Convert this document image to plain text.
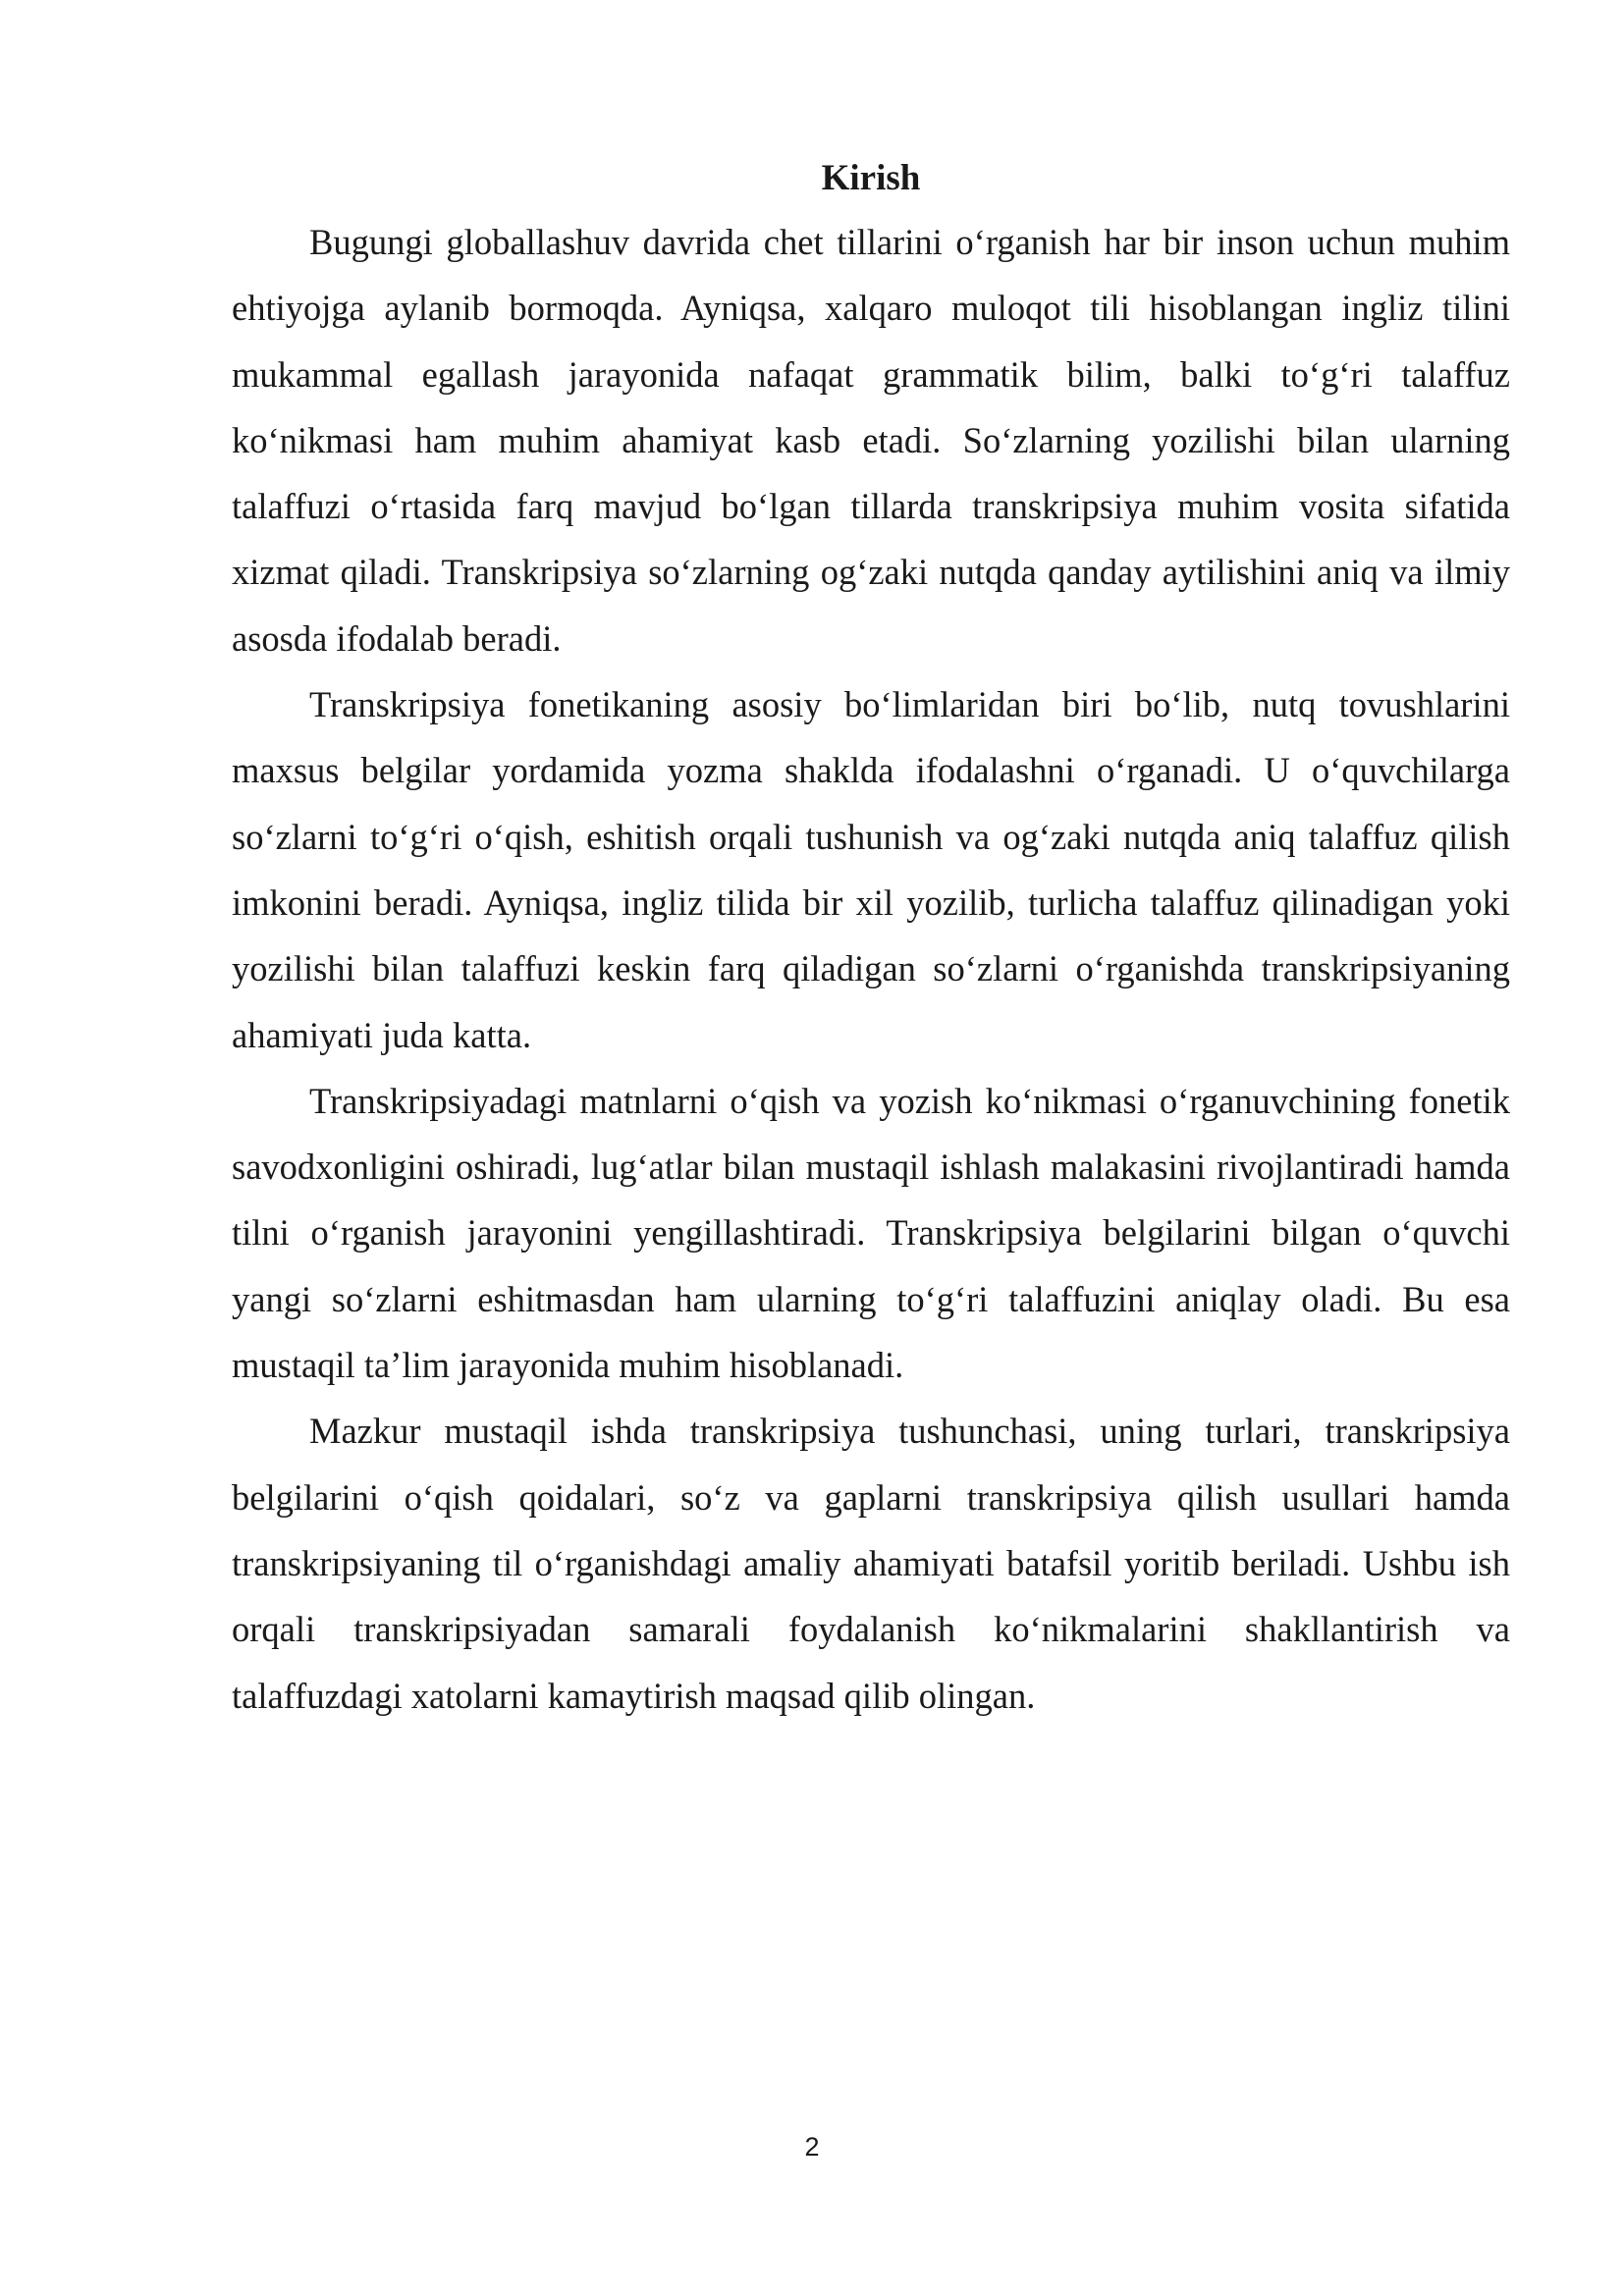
Kirish

Bugungi globallashuv davrida chet tillarini o‘rganish har bir inson uchun muhim ehtiyojga aylanib bormoqda. Ayniqsa, xalqaro muloqot tili hisoblangan ingliz tilini mukammal egallash jarayonida nafaqat grammatik bilim, balki to‘g‘ri talaffuz ko‘nikmasi ham muhim ahamiyat kasb etadi. So‘zlarning yozilishi bilan ularning talaffuzi o‘rtasida farq mavjud bo‘lgan tillarda transkripsiya muhim vosita sifatida xizmat qiladi. Transkripsiya so‘zlarning og‘zaki nutqda qanday aytilishini aniq va ilmiy asosda ifodalab beradi.

Transkripsiya fonetikaning asosiy bo‘limlaridan biri bo‘lib, nutq tovushlarini maxsus belgilar yordamida yozma shaklda ifodalashni o‘rganadi. U o‘quvchilarga so‘zlarni to‘g‘ri o‘qish, eshitish orqali tushunish va og‘zaki nutqda aniq talaffuz qilish imkonini beradi. Ayniqsa, ingliz tilida bir xil yozilib, turlicha talaffuz qilinadigan yoki yozilishi bilan talaffuzi keskin farq qiladigan so‘zlarni o‘rganishda transkripsiyaning ahamiyati juda katta.

Transkripsiyadagi matnlarni o‘qish va yozish ko‘nikmasi o‘rganuvchining fonetik savodxonligini oshiradi, lug‘atlar bilan mustaqil ishlash malakasini rivojlantiradi hamda tilni o‘rganish jarayonini yengillashtiradi. Transkripsiya belgilarini bilgan o‘quvchi yangi so‘zlarni eshitmasdan ham ularning to‘g‘ri talaffuzini aniqlay oladi. Bu esa mustaqil ta’lim jarayonida muhim hisoblanadi.

Mazkur mustaqil ishda transkripsiya tushunchasi, uning turlari, transkripsiya belgilarini o‘qish qoidalari, so‘z va gaplarni transkripsiya qilish usullari hamda transkripsiyaning til o‘rganishdagi amaliy ahamiyati batafsil yoritib beriladi. Ushbu ish orqali transkripsiyadan samarali foydalanish ko‘nikmalarini shakllantirish va talaffuzdagi xatolarni kamaytirish maqsad qilib olingan.

2
